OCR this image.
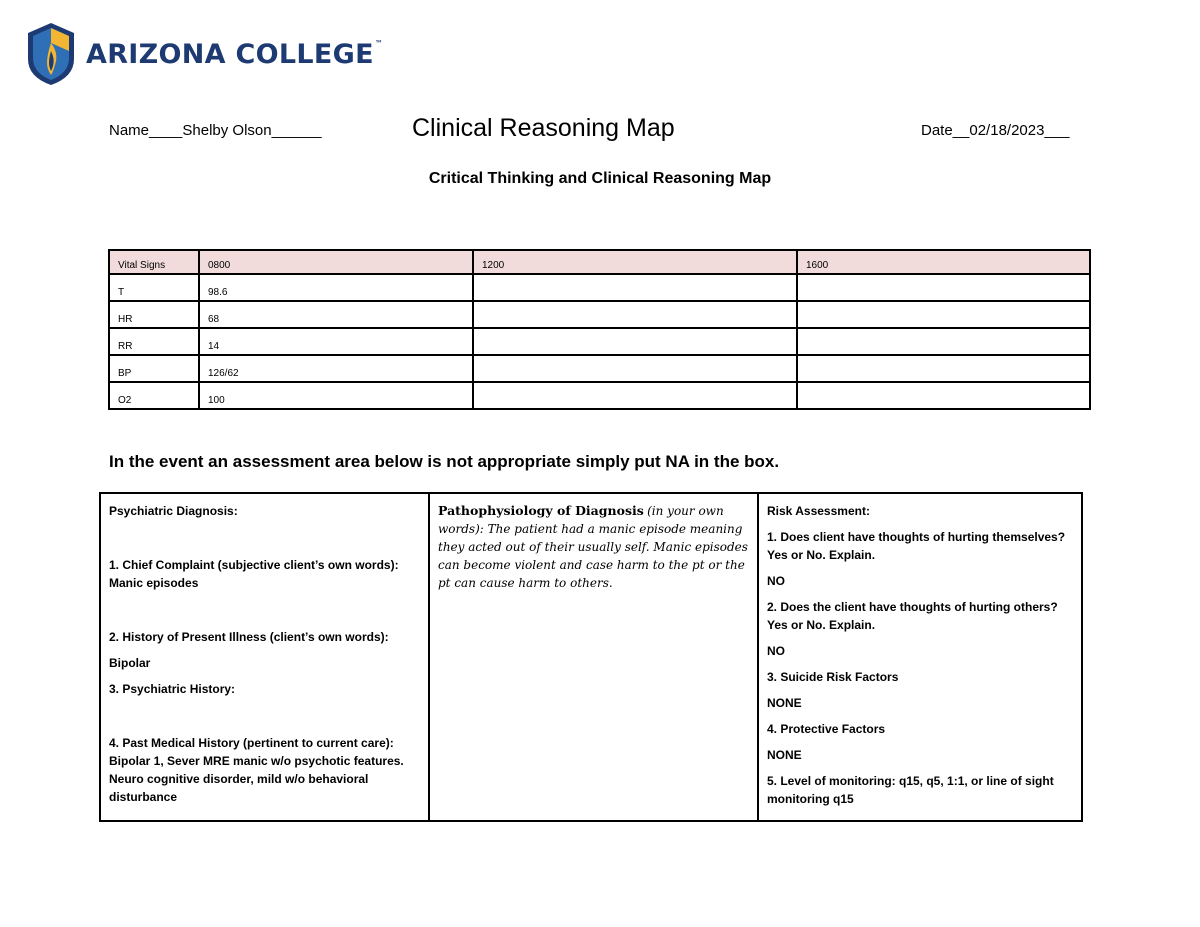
ARIZONA COLLEGE™
Name____Shelby Olson______	Clinical Reasoning Map	Date__02/18/2023___
Critical Thinking and Clinical Reasoning Map
Vital Signs	0800	1200	1600
T	98.6		
HR	68		
RR	14		
BP	126/62		
O2	100		
In the event an assessment area below is not appropriate simply put NA in the box.

Psychiatric Diagnosis:

1. Chief Complaint (subjective client’s own words):

Manic episodes

2. History of Present Illness (client’s own words):

Bipolar

3. Psychiatric History:

4. Past Medical History (pertinent to current care):

Bipolar 1, Sever MRE manic w/o psychotic features. Neuro cognitive disorder, mild w/o behavioral disturbance

	Pathophysiology of Diagnosis (in your own words): The patient had a manic episode meaning they acted out of their usually self. Manic episodes can become violent and case harm to the pt or the pt can cause harm to others.	

Risk Assessment:

1. Does client have thoughts of hurting themselves? Yes or No. Explain.

NO

2. Does the client have thoughts of hurting others? Yes or No. Explain.

NO

3. Suicide Risk Factors

NONE

4. Protective Factors

NONE

5. Level of monitoring: q15, q5, 1:1, or line of sight monitoring q15
